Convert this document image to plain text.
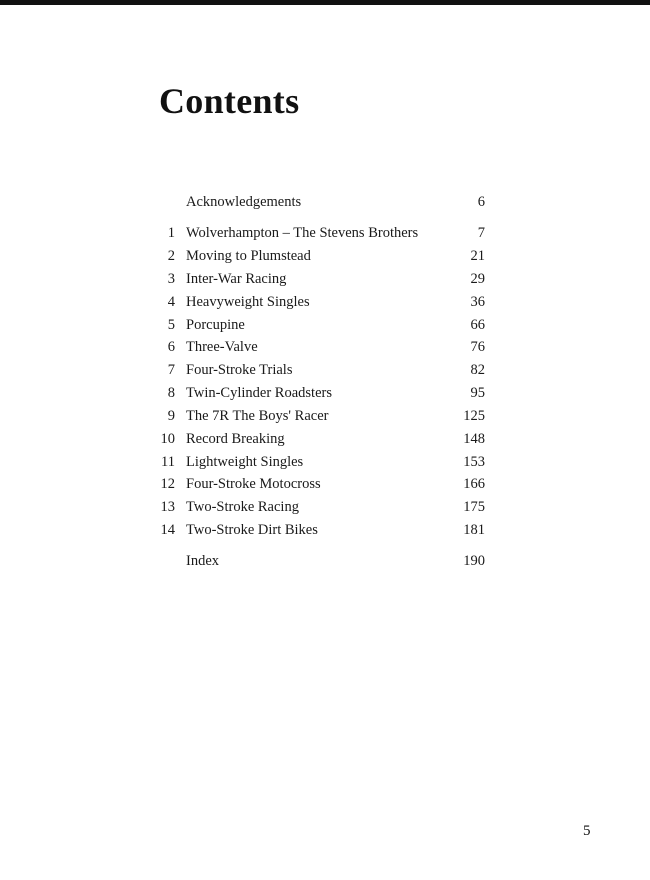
Contents
Acknowledgements	6
1 Wolverhampton – The Stevens Brothers	7
2 Moving to Plumstead	21
3 Inter-War Racing	29
4 Heavyweight Singles	36
5 Porcupine	66
6 Three-Valve	76
7 Four-Stroke Trials	82
8 Twin-Cylinder Roadsters	95
9 The 7R The Boys' Racer	125
10 Record Breaking	148
11 Lightweight Singles	153
12 Four-Stroke Motocross	166
13 Two-Stroke Racing	175
14 Two-Stroke Dirt Bikes	181
Index	190
5
